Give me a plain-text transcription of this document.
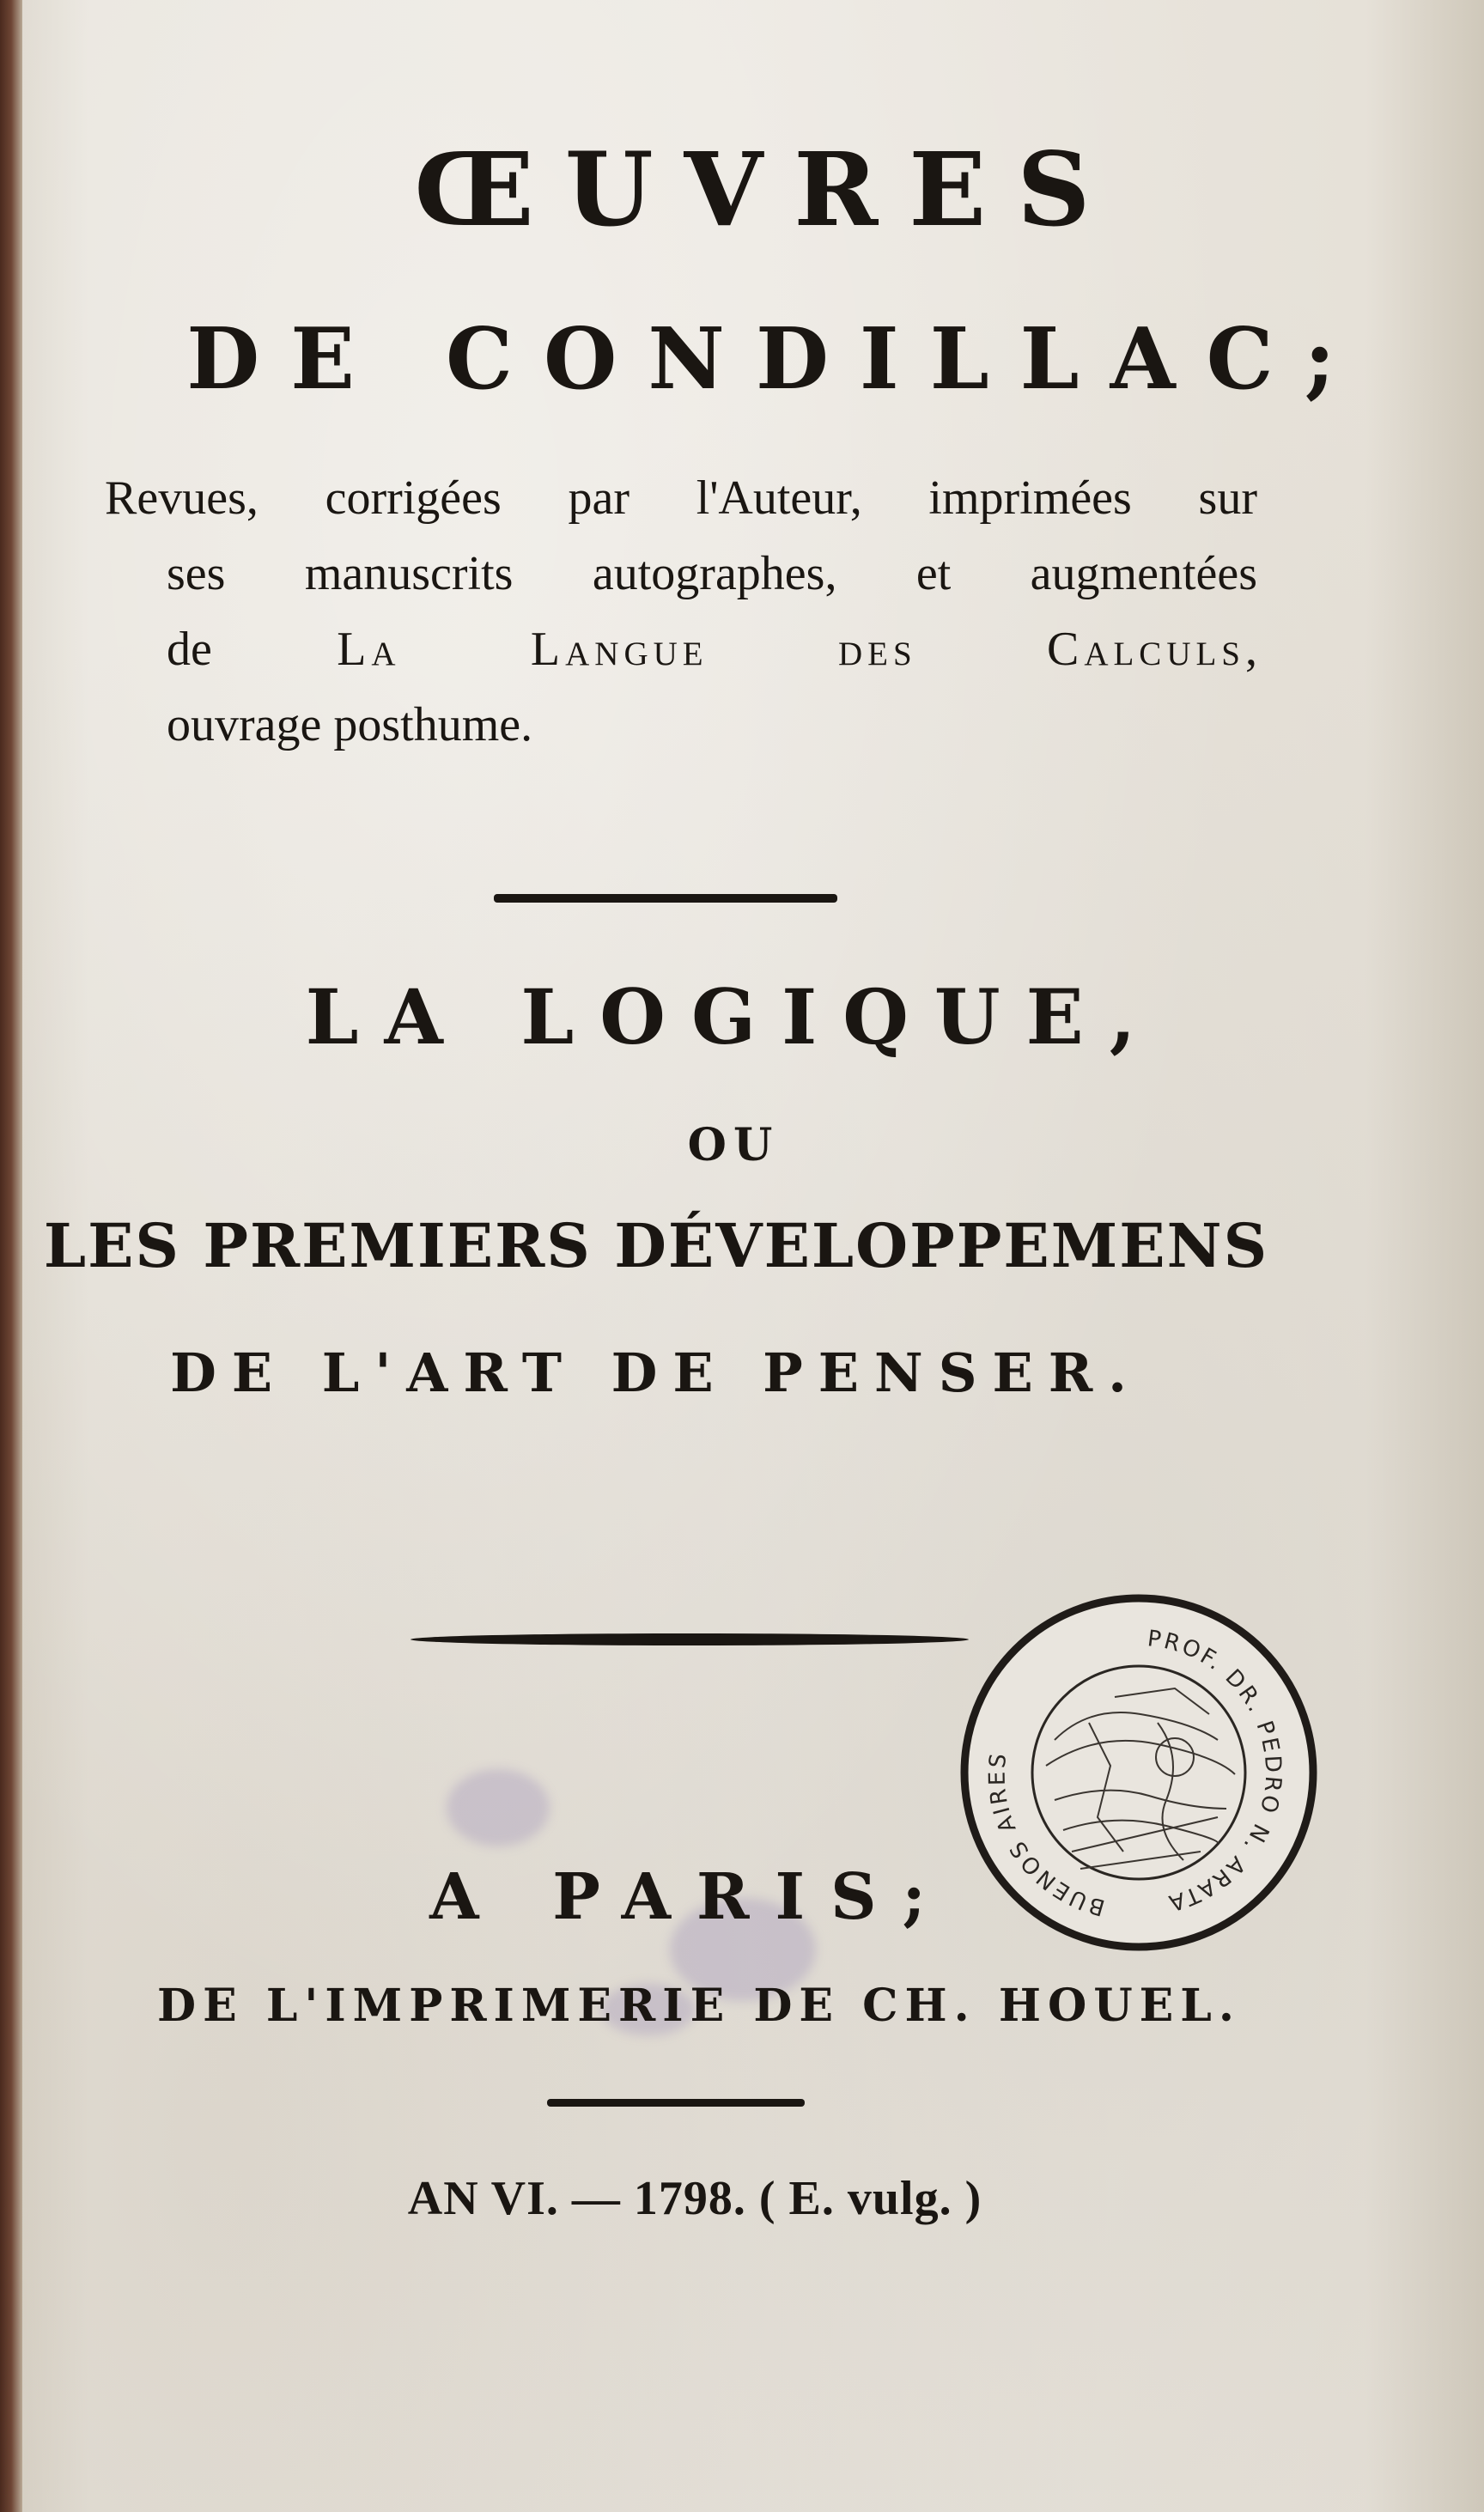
ŒUVRES
DE CONDILLAC;
Revues, corrigées par l'Auteur, imprimées sur
ses manuscrits autographes, et augmentées
de La Langue des Calculs,
ouvrage posthume.
LA LOGIQUE,
OU
LES PREMIERS DÉVELOPPEMENS
DE L'ART DE PENSER.
PROF. DR. PEDRO N. ARATA
BUENOS AIRES
A PARIS;
DE L'IMPRIMERIE DE CH. HOUEL.
AN VI. — 1798. ( E. vulg. )
